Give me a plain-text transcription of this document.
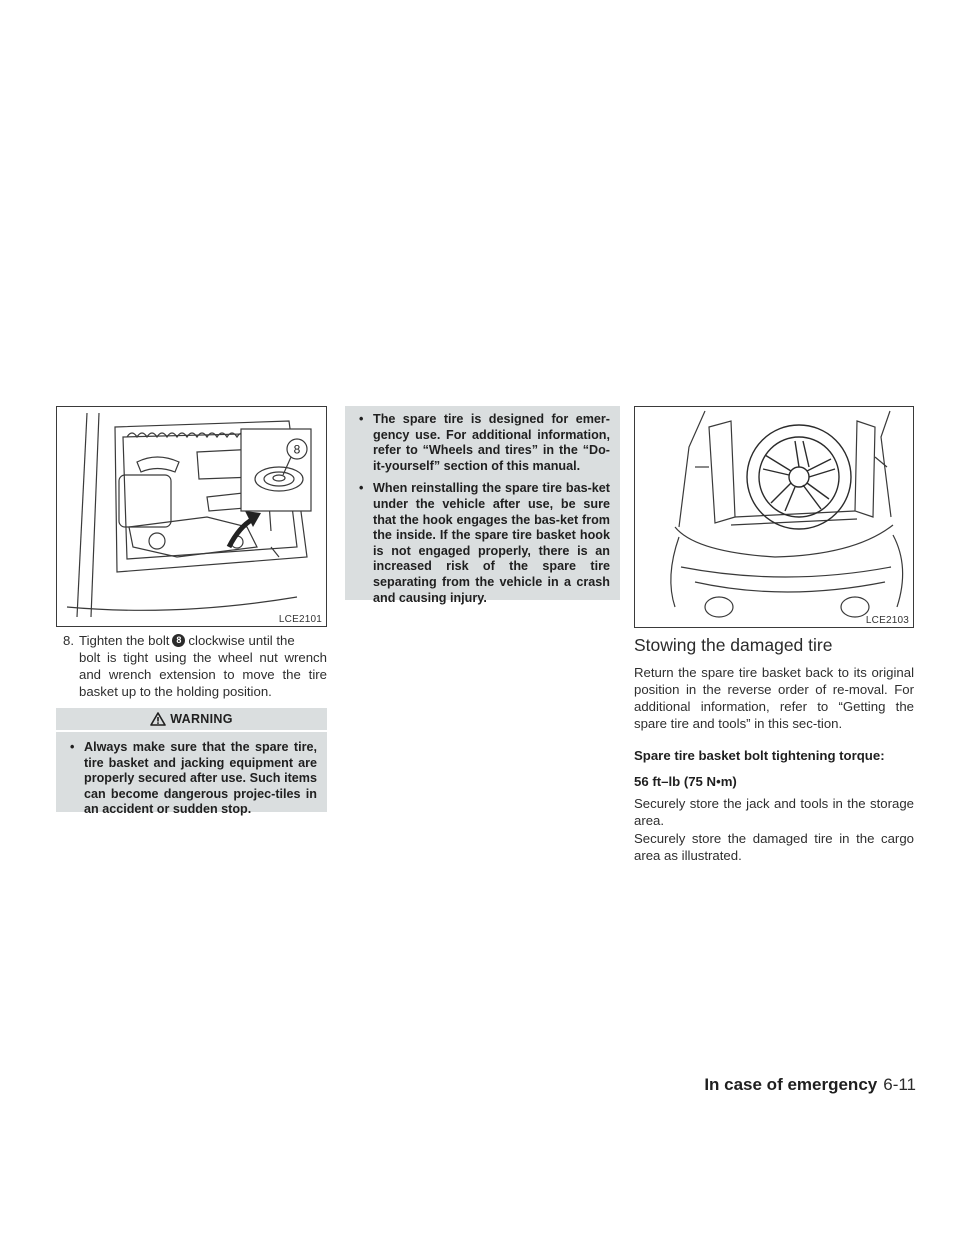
8
LCE2101
8. Tighten the bolt 8 clockwise until the
bolt is tight using the wheel nut wrench and wrench extension to move the tire basket up to the holding position.
WARNING
• Always make sure that the spare tire, tire basket and jacking equipment are properly secured after use. Such items can become dangerous projec-tiles in an accident or sudden stop.
• The spare tire is designed for emer-gency use. For additional information, refer to “Wheels and tires” in the “Do-it-yourself” section of this manual.
• When reinstalling the spare tire bas-ket under the vehicle after use, be sure that the hook engages the bas-ket from the inside. If the spare tire basket hook is not engaged properly, there is an increased risk of the spare tire separating from the vehicle in a crash and causing injury.
LCE2103
Stowing the damaged tire

Return the spare tire basket back to its original position in the reverse order of re-moval. For additional information, refer to “Getting the spare tire and tools” in this sec-tion.

Spare tire basket bolt tightening torque:

56 ft–lb (75 N•m)

Securely store the jack and tools in the storage area.

Securely store the damaged tire in the cargo area as illustrated.

In case of emergency 6-11
